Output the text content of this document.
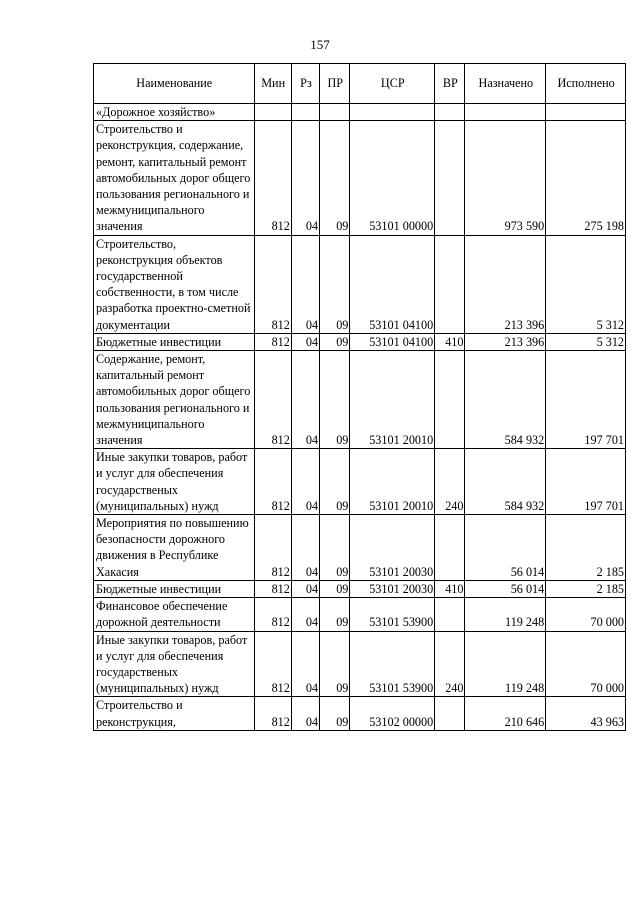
157
Наименование	Мин	Рз	ПР	ЦСР	ВР	Назначено	Исполнено
«Дорожное хозяйство»							
Строительство и реконструкция, содержание, ремонт, капитальный ремонт автомобильных дорог общего пользования регионального и межмуниципального значения	812	04	09	53101 00000		973 590	275 198
Строительство, реконструкция объектов государственной собственности, в том числе разработка проектно-сметной документации	812	04	09	53101 04100		213 396	5 312
Бюджетные инвестиции	812	04	09	53101 04100	410	213 396	5 312
Содержание, ремонт, капитальный ремонт автомобильных дорог общего пользования регионального и межмуниципального значения	812	04	09	53101 20010		584 932	197 701
Иные закупки товаров, работ и услуг для обеспечения государственых (муниципальных) нужд	812	04	09	53101 20010	240	584 932	197 701
Мероприятия по повышению безопасности дорожного движения в Республике Хакасия	812	04	09	53101 20030		56 014	2 185
Бюджетные инвестиции	812	04	09	53101 20030	410	56 014	2 185
Финансовое обеспечение дорожной деятельности	812	04	09	53101 53900		119 248	70 000
Иные закупки товаров, работ и услуг для обеспечения государственых (муниципальных) нужд	812	04	09	53101 53900	240	119 248	70 000
Строительство и реконструкция,	812	04	09	53102 00000		210 646	43 963
